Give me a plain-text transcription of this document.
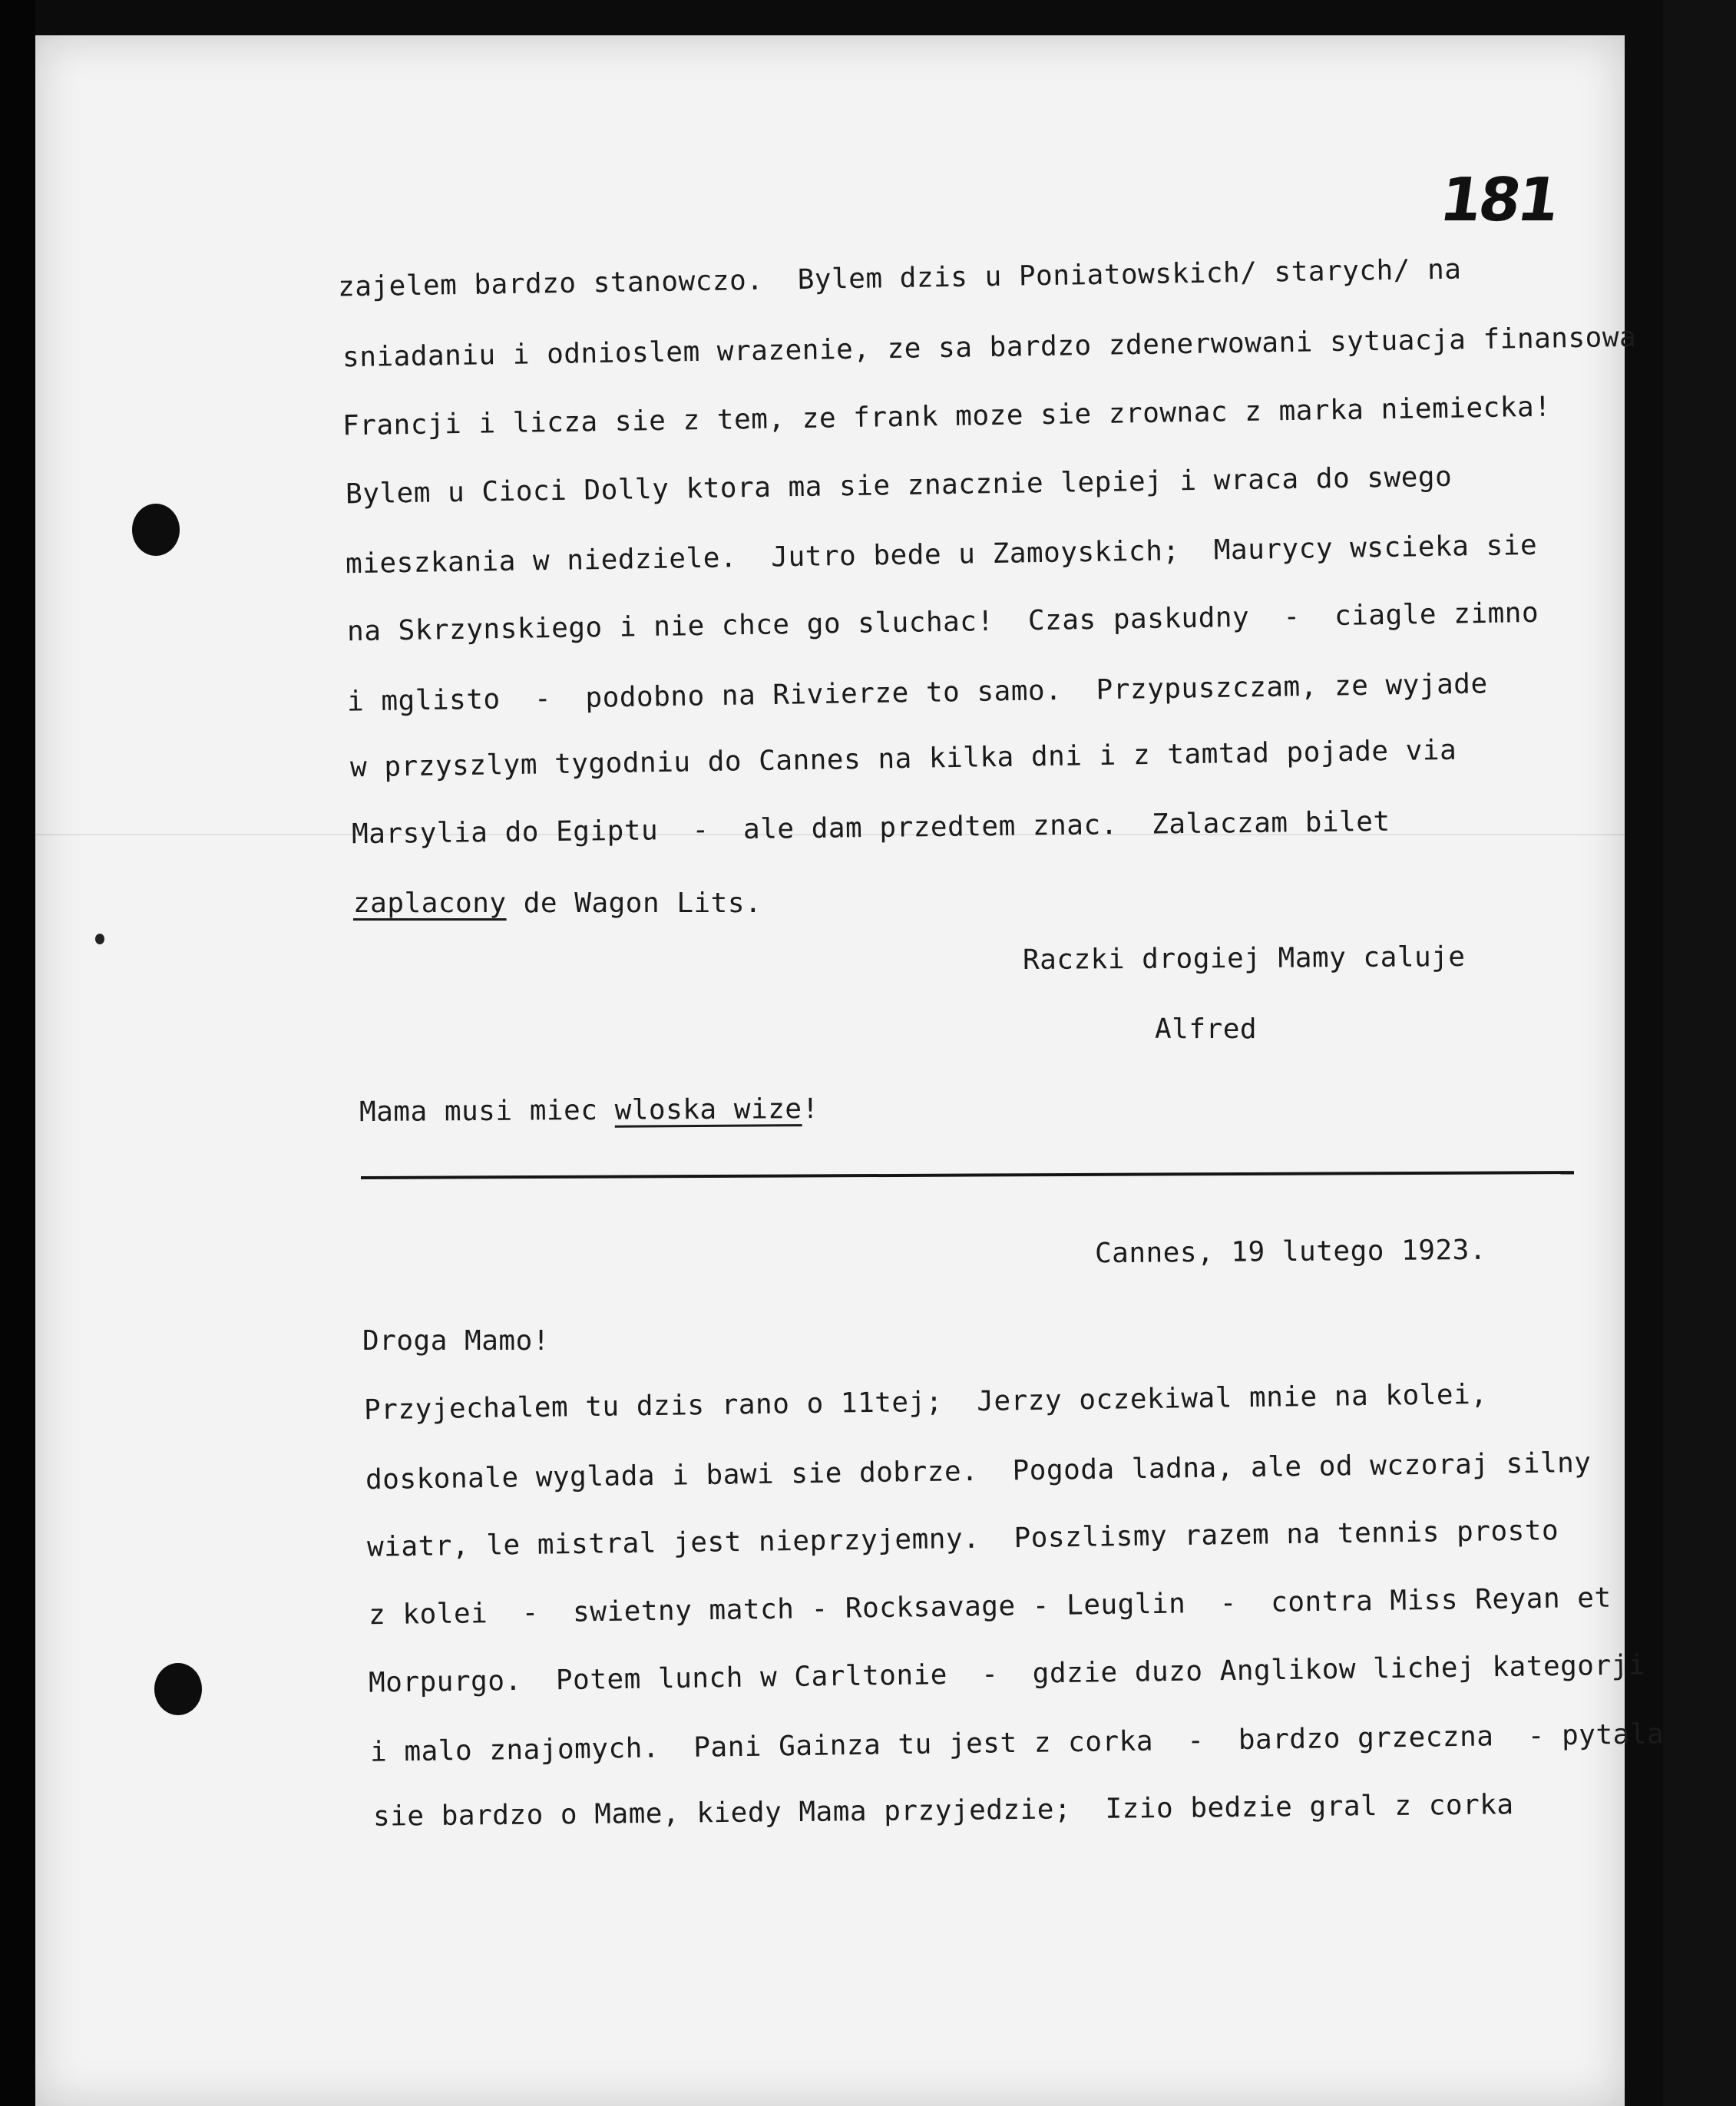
181
zajelem bardzo stanowczo.  Bylem dzis u Poniatowskich/ starych/ na
sniadaniu i odnioslem wrazenie, ze sa bardzo zdenerwowani sytuacja finansowa
Francji i licza sie z tem, ze frank moze sie zrownac z marka niemiecka!
Bylem u Cioci Dolly ktora ma sie znacznie lepiej i wraca do swego
mieszkania w niedziele.  Jutro bede u Zamoyskich;  Maurycy wscieka sie
na Skrzynskiego i nie chce go sluchac!  Czas paskudny  -  ciagle zimno
i mglisto  -  podobno na Rivierze to samo.  Przypuszczam, ze wyjade
w przyszlym tygodniu do Cannes na kilka dni i z tamtad pojade via
Marsylia do Egiptu  -  ale dam przedtem znac.  Zalaczam bilet
zaplacony de Wagon Lits.
Raczki drogiej Mamy caluje
Alfred
Mama musi miec wloska wize!
Cannes, 19 lutego 1923.
Droga Mamo!
Przyjechalem tu dzis rano o 11tej;  Jerzy oczekiwal mnie na kolei,
doskonale wyglada i bawi sie dobrze.  Pogoda ladna, ale od wczoraj silny
wiatr, le mistral jest nieprzyjemny.  Poszlismy razem na tennis prosto
z kolei  -  swietny match - Rocksavage - Leuglin  -  contra Miss Reyan et
Morpurgo.  Potem lunch w Carltonie  -  gdzie duzo Anglikow lichej kategorji
i malo znajomych.  Pani Gainza tu jest z corka  -  bardzo grzeczna  - pytala
sie bardzo o Mame, kiedy Mama przyjedzie;  Izio bedzie gral z corka
